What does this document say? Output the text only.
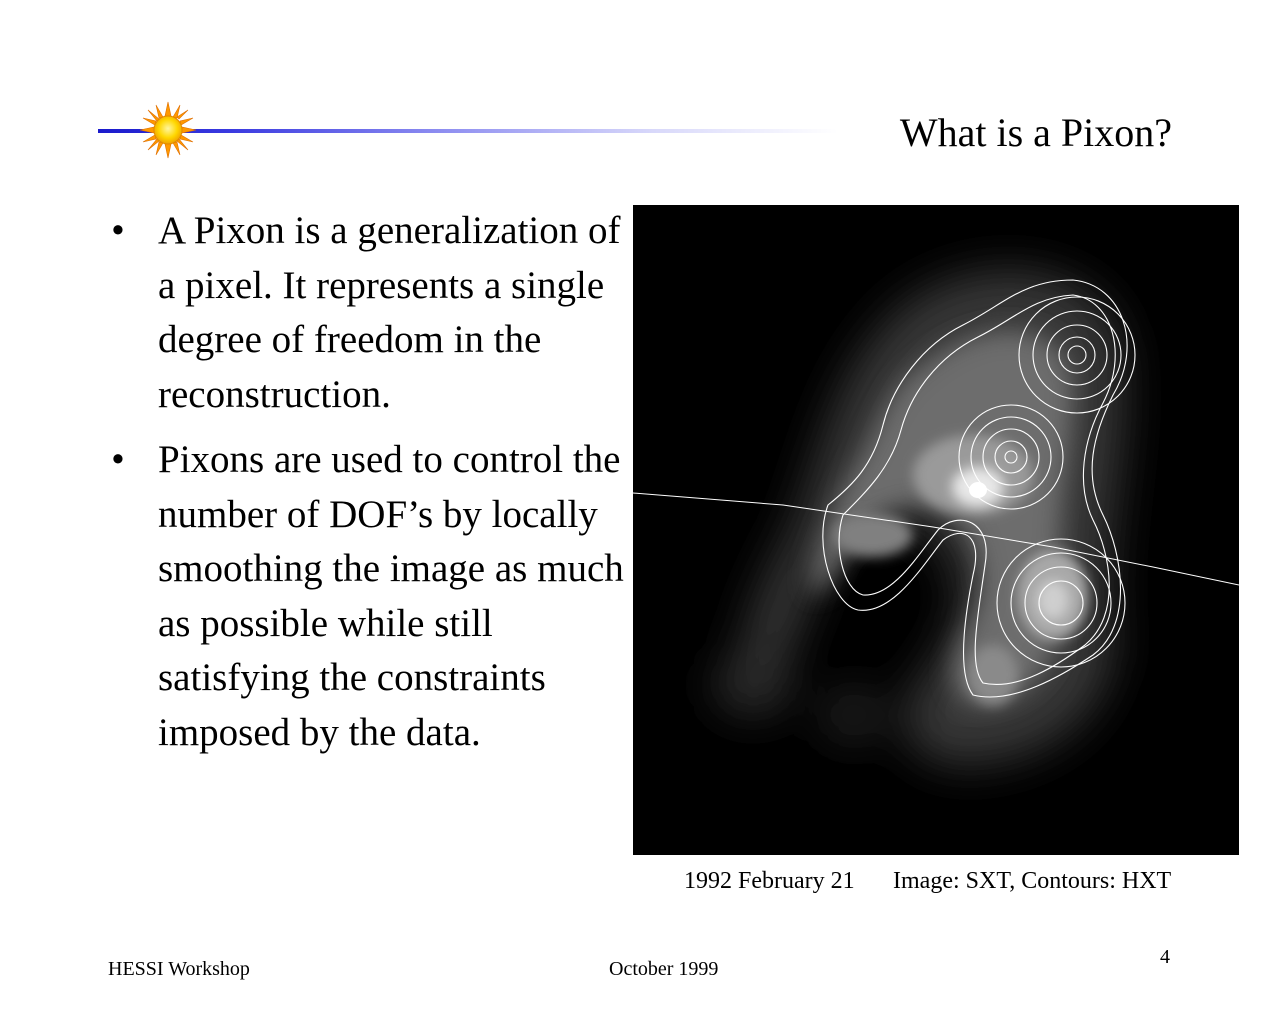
What is a Pixon?
• A Pixon is a generalization of a pixel. It represents a single degree of freedom in the reconstruction.
• Pixons are used to control the number of DOF’s by locally smoothing the image as much as possible while still satisfying the constraints imposed by the data.
1992 February 21 Image: SXT, Contours: HXT
HESSI Workshop	October 1999
4
